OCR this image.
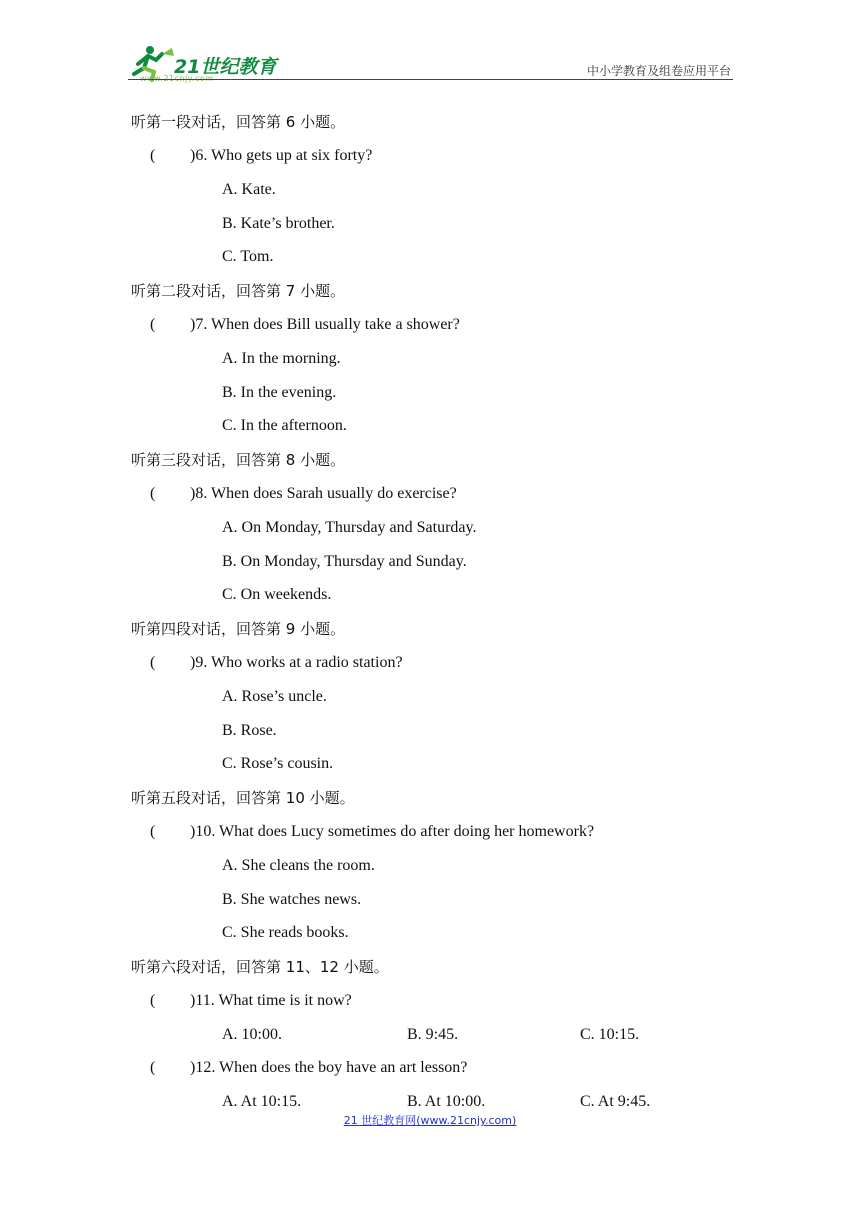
21世纪教育
www.21cnjy.com
中小学教育及组卷应用平台
听第一段对话，回答第 6 小题。
( )6. Who gets up at six forty?
A. Kate.
B. Kate’s brother.
C. Tom.
听第二段对话，回答第 7 小题。
( )7. When does Bill usually take a shower?
A. In the morning.
B. In the evening.
C. In the afternoon.
听第三段对话，回答第 8 小题。
( )8. When does Sarah usually do exercise?
A. On Monday, Thursday and Saturday.
B. On Monday, Thursday and Sunday.
C. On weekends.
听第四段对话，回答第 9 小题。
( )9. Who works at a radio station?
A. Rose’s uncle.
B. Rose.
C. Rose’s cousin.
听第五段对话，回答第 10 小题。
( )10. What does Lucy sometimes do after doing her homework?
A. She cleans the room.
B. She watches news.
C. She reads books.
听第六段对话，回答第 11、12 小题。
( )11. What time is it now?
A. 10:00.	B. 9:45.	C. 10:15.
( )12. When does the boy have an art lesson?
A. At 10:15.	B. At 10:00.	C. At 9:45.
21 世纪教育网(www.21cnjy.com)
